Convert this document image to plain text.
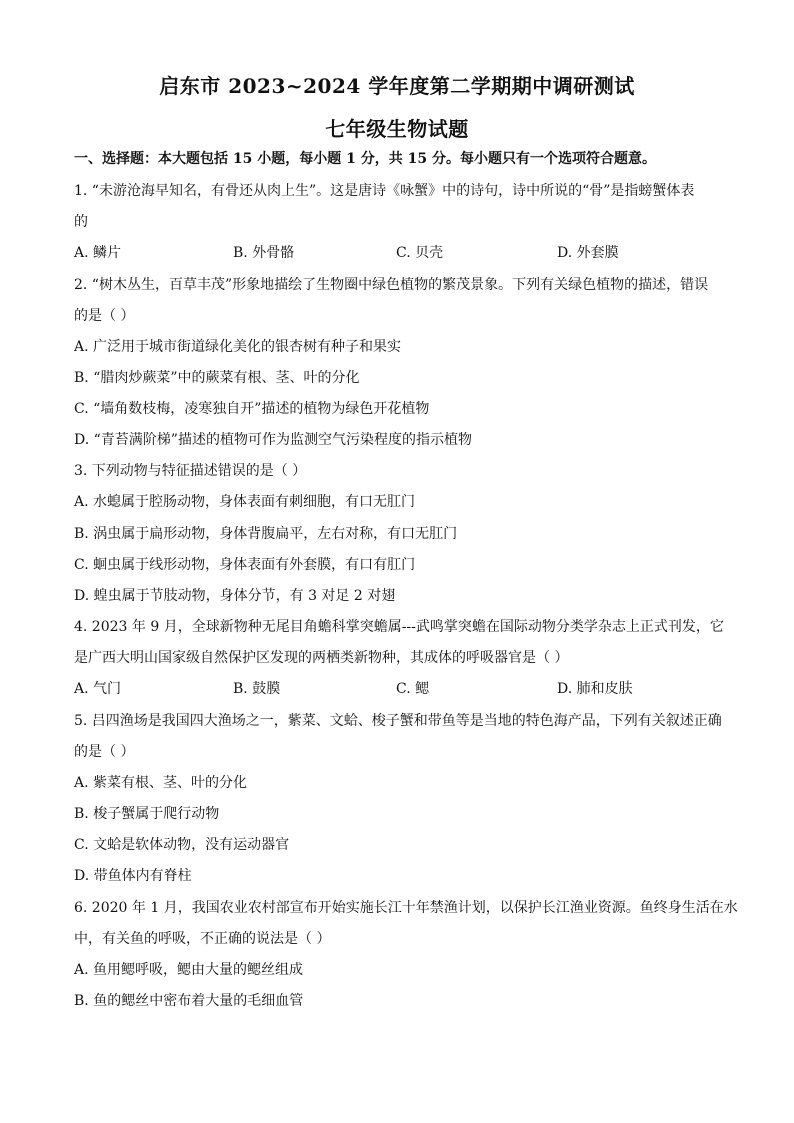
启东市 2023~2024 学年度第二学期期中调研测试
七年级生物试题
一、选择题：本大题包括 15 小题，每小题 1 分，共 15 分。每小题只有一个选项符合题意。
1. “未游沧海早知名，有骨还从肉上生”。这是唐诗《咏蟹》中的诗句，诗中所说的“骨”是指螃蟹体表
的
A. 鳞片	B. 外骨骼	C. 贝壳	D. 外套膜
2. “树木丛生，百草丰茂”形象地描绘了生物圈中绿色植物的繁茂景象。下列有关绿色植物的描述，错误
的是（ ）
A. 广泛用于城市街道绿化美化的银杏树有种子和果实
B. “腊肉炒蕨菜”中的蕨菜有根、茎、叶的分化
C. “墙角数枝梅，凌寒独自开”描述的植物为绿色开花植物
D. “青苔满阶梯”描述的植物可作为监测空气污染程度的指示植物
3. 下列动物与特征描述错误的是（ ）
A. 水螅属于腔肠动物，身体表面有刺细胞，有口无肛门
B. 涡虫属于扁形动物，身体背腹扁平，左右对称，有口无肛门
C. 蛔虫属于线形动物，身体表面有外套膜，有口有肛门
D. 蝗虫属于节肢动物，身体分节，有 3 对足 2 对翅
4. 2023 年 9 月，全球新物种无尾目角蟾科掌突蟾属---武鸣掌突蟾在国际动物分类学杂志上正式刊发，它
是广西大明山国家级自然保护区发现的两栖类新物种，其成体的呼吸器官是（ ）
A. 气门	B. 鼓膜	C. 鳃	D. 肺和皮肤
5. 吕四渔场是我国四大渔场之一，紫菜、文蛤、梭子蟹和带鱼等是当地的特色海产品，下列有关叙述正确
的是（ ）
A. 紫菜有根、茎、叶的分化
B. 梭子蟹属于爬行动物
C. 文蛤是软体动物，没有运动器官
D. 带鱼体内有脊柱
6. 2020 年 1 月，我国农业农村部宣布开始实施长江十年禁渔计划，以保护长江渔业资源。鱼终身生活在水
中，有关鱼的呼吸，不正确的说法是（ ）
A. 鱼用鳃呼吸，鳃由大量的鳃丝组成
B. 鱼的鳃丝中密布着大量的毛细血管
